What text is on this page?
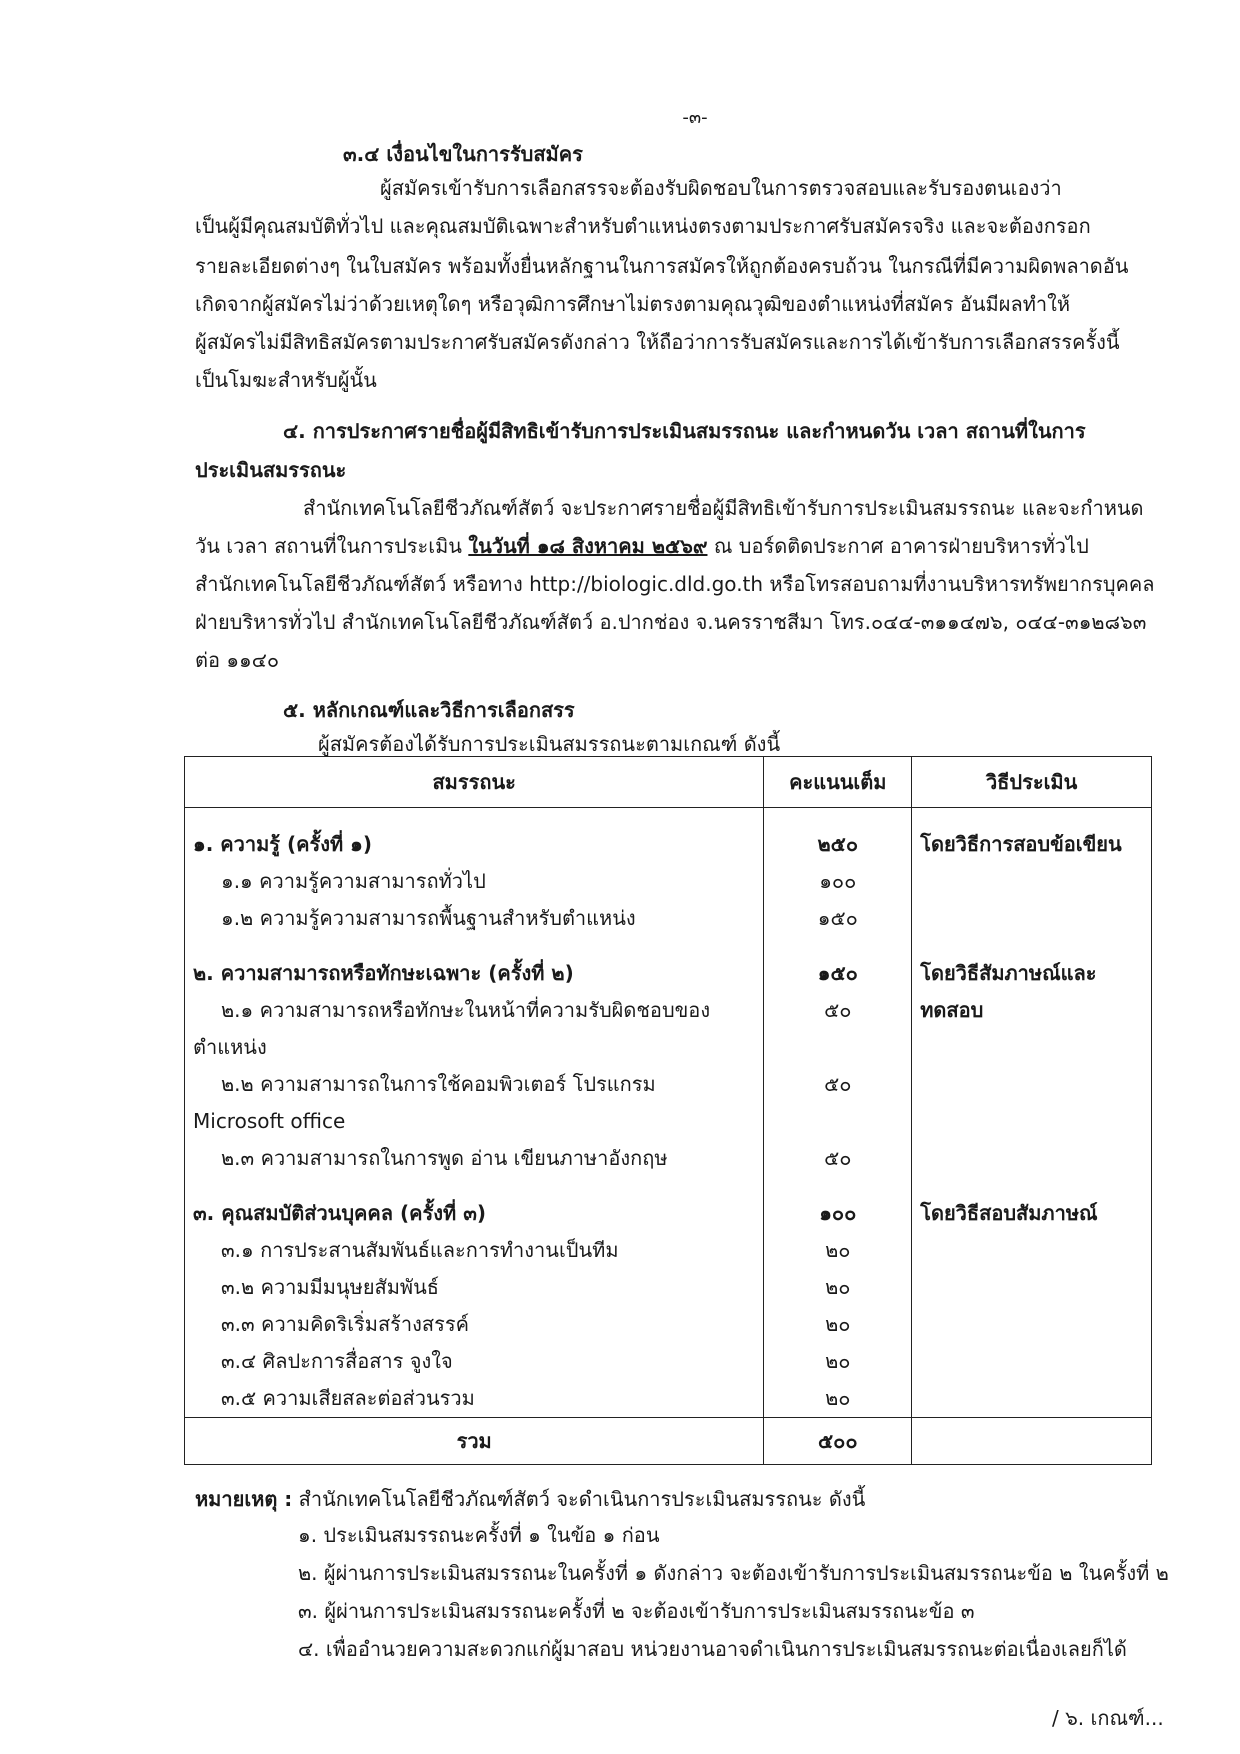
-๓-
๓.๔ เงื่อนไขในการรับสมัคร
ผู้สมัครเข้ารับการเลือกสรรจะต้องรับผิดชอบในการตรวจสอบและรับรองตนเองว่า
เป็นผู้มีคุณสมบัติทั่วไป และคุณสมบัติเฉพาะสำหรับตำแหน่งตรงตามประกาศรับสมัครจริง และจะต้องกรอก
รายละเอียดต่างๆ ในใบสมัคร พร้อมทั้งยื่นหลักฐานในการสมัครให้ถูกต้องครบถ้วน ในกรณีที่มีความผิดพลาดอัน
เกิดจากผู้สมัครไม่ว่าด้วยเหตุใดๆ หรือวุฒิการศึกษาไม่ตรงตามคุณวุฒิของตำแหน่งที่สมัคร อันมีผลทำให้
ผู้สมัครไม่มีสิทธิสมัครตามประกาศรับสมัครดังกล่าว ให้ถือว่าการรับสมัครและการได้เข้ารับการเลือกสรรครั้งนี้
เป็นโมฆะสำหรับผู้นั้น
๔. การประกาศรายชื่อผู้มีสิทธิเข้ารับการประเมินสมรรถนะ และกำหนดวัน เวลา สถานที่ในการ
ประเมินสมรรถนะ
สำนักเทคโนโลยีชีวภัณฑ์สัตว์ จะประกาศรายชื่อผู้มีสิทธิเข้ารับการประเมินสมรรถนะ และจะกำหนด
วัน เวลา สถานที่ในการประเมิน ในวันที่ ๑๘ สิงหาคม ๒๕๖๙ ณ บอร์ดติดประกาศ อาคารฝ่ายบริหารทั่วไป
สำนักเทคโนโลยีชีวภัณฑ์สัตว์ หรือทาง http://biologic.dld.go.th หรือโทรสอบถามที่งานบริหารทรัพยากรบุคคล
ฝ่ายบริหารทั่วไป สำนักเทคโนโลยีชีวภัณฑ์สัตว์ อ.ปากช่อง จ.นครราชสีมา โทร.๐๔๔-๓๑๑๔๗๖, ๐๔๔-๓๑๒๘๖๓
ต่อ ๑๑๔๐
๕. หลักเกณฑ์และวิธีการเลือกสรร
ผู้สมัครต้องได้รับการประเมินสมรรถนะตามเกณฑ์ ดังนี้
สมรรถนะ	คะแนนเต็ม	วิธีประเมิน

๑. ความรู้ (ครั้งที่ ๑)	๒๕๐	โดยวิธีการสอบข้อเขียน
๑.๑ ความรู้ความสามารถทั่วไป	๑๐๐	
๑.๒ ความรู้ความสามารถพื้นฐานสำหรับตำแหน่ง	๑๕๐	

๒. ความสามารถหรือทักษะเฉพาะ (ครั้งที่ ๒)	๑๕๐	โดยวิธีสัมภาษณ์และ
๒.๑ ความสามารถหรือทักษะในหน้าที่ความรับผิดชอบของ	๕๐	ทดสอบ
ตำแหน่ง		
๒.๒ ความสามารถในการใช้คอมพิวเตอร์ โปรแกรม	๕๐	
Microsoft office		
๒.๓ ความสามารถในการพูด อ่าน เขียนภาษาอังกฤษ	๕๐	

๓. คุณสมบัติส่วนบุคคล (ครั้งที่ ๓)	๑๐๐	โดยวิธีสอบสัมภาษณ์
๓.๑ การประสานสัมพันธ์และการทำงานเป็นทีม	๒๐	
๓.๒ ความมีมนุษยสัมพันธ์	๒๐	
๓.๓ ความคิดริเริ่มสร้างสรรค์	๒๐	
๓.๔ ศิลปะการสื่อสาร จูงใจ	๒๐	
๓.๕ ความเสียสละต่อส่วนรวม	๒๐	
รวม	๕๐๐	
หมายเหตุ : สำนักเทคโนโลยีชีวภัณฑ์สัตว์ จะดำเนินการประเมินสมรรถนะ ดังนี้
๑. ประเมินสมรรถนะครั้งที่ ๑ ในข้อ ๑ ก่อน
๒. ผู้ผ่านการประเมินสมรรถนะในครั้งที่ ๑ ดังกล่าว จะต้องเข้ารับการประเมินสมรรถนะข้อ ๒ ในครั้งที่ ๒
๓. ผู้ผ่านการประเมินสมรรถนะครั้งที่ ๒ จะต้องเข้ารับการประเมินสมรรถนะข้อ ๓
๔. เพื่ออำนวยความสะดวกแก่ผู้มาสอบ หน่วยงานอาจดำเนินการประเมินสมรรถนะต่อเนื่องเลยก็ได้
/ ๖. เกณฑ์...
